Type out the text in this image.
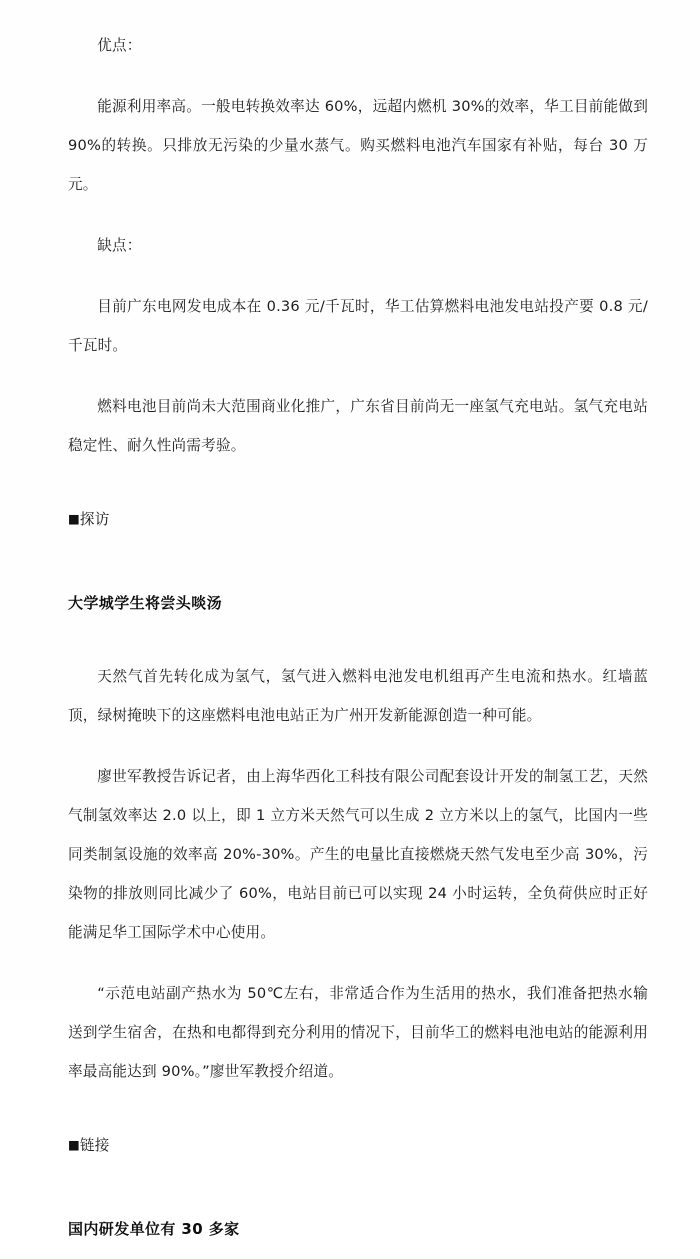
优点：

能源利用率高。一般电转换效率达 60%，远超内燃机 30%的效率，华工目前能做到 90%的转换。只排放无污染的少量水蒸气。购买燃料电池汽车国家有补贴，每台 30 万元。

缺点：

目前广东电网发电成本在 0.36 元/千瓦时，华工估算燃料电池发电站投产要 0.8 元/千瓦时。

燃料电池目前尚未大范围商业化推广，广东省目前尚无一座氢气充电站。氢气充电站稳定性、耐久性尚需考验。

■探访

大学城学生将尝头啖汤

天然气首先转化成为氢气，氢气进入燃料电池发电机组再产生电流和热水。红墙蓝顶，绿树掩映下的这座燃料电池电站正为广州开发新能源创造一种可能。

廖世军教授告诉记者，由上海华西化工科技有限公司配套设计开发的制氢工艺，天然气制氢效率达 2.0 以上，即 1 立方米天然气可以生成 2 立方米以上的氢气，比国内一些同类制氢设施的效率高 20%-30%。产生的电量比直接燃烧天然气发电至少高 30%，污染物的排放则同比减少了 60%，电站目前已可以实现 24 小时运转，全负荷供应时正好能满足华工国际学术中心使用。

“示范电站副产热水为 50℃左右，非常适合作为生活用的热水，我们准备把热水输送到学生宿舍，在热和电都得到充分利用的情况下，目前华工的燃料电池电站的能源利用率最高能达到 90%。”廖世军教授介绍道。

■链接

国内研发单位有 30 多家
